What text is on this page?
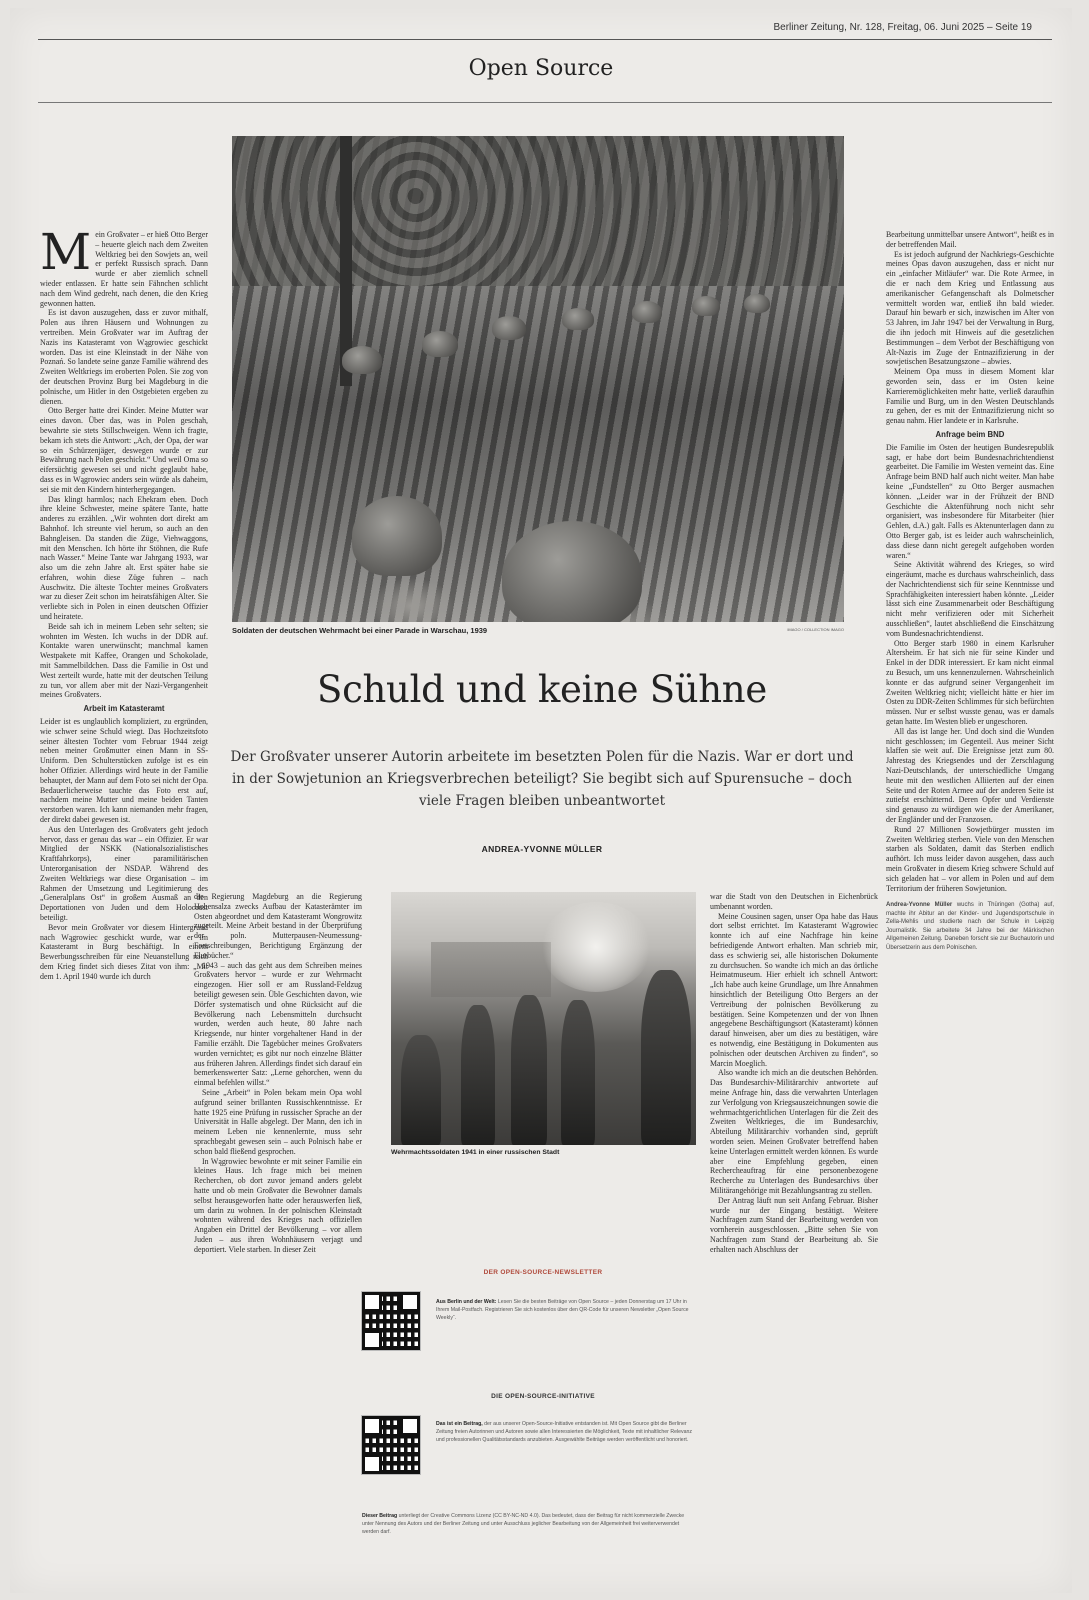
Berliner Zeitung, Nr. 128, Freitag, 06. Juni 2025 – Seite 19
Open Source
M ein Großvater – er hieß Otto Berger – heuerte gleich nach dem Zweiten Weltkrieg bei den Sowjets an, weil er perfekt Russisch sprach. Dann wurde er aber ziemlich schnell wieder entlassen. Er hatte sein Fähnchen schlicht nach dem Wind gedreht, nach denen, die den Krieg gewonnen hatten.

Es ist davon auszugehen, dass er zuvor mithalf, Polen aus ihren Häusern und Wohnungen zu vertreiben. Mein Großvater war im Auftrag der Nazis ins Katasteramt von Wągrowiec geschickt worden. Das ist eine Kleinstadt in der Nähe von Poznań. So landete seine ganze Familie während des Zweiten Weltkriegs im eroberten Polen. Sie zog von der deutschen Provinz Burg bei Magdeburg in die polnische, um Hitler in den Ostgebieten ergeben zu dienen.

Otto Berger hatte drei Kinder. Meine Mutter war eines davon. Über das, was in Polen geschah, bewahrte sie stets Stillschweigen. Wenn ich fragte, bekam ich stets die Antwort: „Ach, der Opa, der war so ein Schürzenjäger, deswegen wurde er zur Bewährung nach Polen geschickt.“ Und weil Oma so eifersüchtig gewesen sei und nicht geglaubt habe, dass es in Wągrowiec anders sein würde als daheim, sei sie mit den Kindern hinterhergegangen.

Das klingt harmlos; nach Ehekram eben. Doch ihre kleine Schwester, meine spätere Tante, hatte anderes zu erzählen. „Wir wohnten dort direkt am Bahnhof. Ich streunte viel herum, so auch an den Bahngleisen. Da standen die Züge, Viehwaggons, mit den Menschen. Ich hörte ihr Stöhnen, die Rufe nach Wasser.“ Meine Tante war Jahrgang 1933, war also um die zehn Jahre alt. Erst später habe sie erfahren, wohin diese Züge fuhren – nach Auschwitz. Die älteste Tochter meines Großvaters war zu dieser Zeit schon im heiratsfähigen Alter. Sie verliebte sich in Polen in einen deutschen Offizier und heiratete.

Beide sah ich in meinem Leben sehr selten; sie wohnten im Westen. Ich wuchs in der DDR auf. Kontakte waren unerwünscht; manchmal kamen Westpakete mit Kaffee, Orangen und Schokolade, mit Sammelbildchen. Dass die Familie in Ost und West zerteilt wurde, hatte mit der deutschen Teilung zu tun, vor allem aber mit der Nazi-Vergangenheit meines Großvaters.

Arbeit im Katasteramt

Leider ist es unglaublich kompliziert, zu ergründen, wie schwer seine Schuld wiegt. Das Hochzeitsfoto seiner ältesten Tochter vom Februar 1944 zeigt neben meiner Großmutter einen Mann in SS-Uniform. Den Schulterstücken zufolge ist es ein hoher Offizier. Allerdings wird heute in der Familie behauptet, der Mann auf dem Foto sei nicht der Opa. Bedauerlicherweise tauchte das Foto erst auf, nachdem meine Mutter und meine beiden Tanten verstorben waren. Ich kann niemanden mehr fragen, der direkt dabei gewesen ist.

Aus den Unterlagen des Großvaters geht jedoch hervor, dass er genau das war – ein Offizier. Er war Mitglied der NSKK (Nationalsozialistisches Kraftfahrkorps), einer paramilitärischen Unterorganisation der NSDAP. Während des Zweiten Weltkriegs war diese Organisation – im Rahmen der Umsetzung und Legitimierung des „Generalplans Ost“ in großem Ausmaß an den Deportationen von Juden und dem Holocaust beteiligt.

Bevor mein Großvater vor diesem Hintergrund nach Wągrowiec geschickt wurde, war er im Katasteramt in Burg beschäftigt. In einem Bewerbungsschreiben für eine Neuanstellung nach dem Krieg findet sich dieses Zitat von ihm: „Mit dem 1. April 1940 wurde ich durch

Soldaten der deutschen Wehrmacht bei einer Parade in Warschau, 1939	IMAGO / COLLECTION IMAGO
Schuld und keine Sühne
Der Großvater unserer Autorin arbeitete im besetzten Polen für die Nazis. War er dort und in der Sowjetunion an Kriegsverbrechen beteiligt? Sie begibt sich auf Spurensuche – doch viele Fragen bleiben unbeantwortet
ANDREA-YVONNE MÜLLER

die Regierung Magdeburg an die Regierung Hohensalza zwecks Aufbau der Katasterämter im Osten abgeordnet und dem Katasteramt Wongrowitz zugeteilt. Meine Arbeit bestand in der Überprüfung der poln. Mutterpausen-Neumessung-Fortschreibungen, Berichtigung Ergänzung der Flurbücher.“

1943 – auch das geht aus dem Schreiben meines Großvaters hervor – wurde er zur Wehrmacht eingezogen. Hier soll er am Russland-Feldzug beteiligt gewesen sein. Üble Geschichten davon, wie Dörfer systematisch und ohne Rücksicht auf die Bevölkerung nach Lebensmitteln durchsucht wurden, werden auch heute, 80 Jahre nach Kriegsende, nur hinter vorgehaltener Hand in der Familie erzählt. Die Tagebücher meines Großvaters wurden vernichtet; es gibt nur noch einzelne Blätter aus früheren Jahren. Allerdings findet sich darauf ein bemerkenswerter Satz: „Lerne gehorchen, wenn du einmal befehlen willst.“

Seine „Arbeit“ in Polen bekam mein Opa wohl aufgrund seiner brillanten Russischkenntnisse. Er hatte 1925 eine Prüfung in russischer Sprache an der Universität in Halle abgelegt. Der Mann, den ich in meinem Leben nie kennenlernte, muss sehr sprachbegabt gewesen sein – auch Polnisch habe er schon bald fließend gesprochen.

In Wągrowiec bewohnte er mit seiner Familie ein kleines Haus. Ich frage mich bei meinen Recherchen, ob dort zuvor jemand anders gelebt hatte und ob mein Großvater die Bewohner damals selbst herausgeworfen hatte oder herauswerfen ließ, um darin zu wohnen. In der polnischen Kleinstadt wohnten während des Krieges nach offiziellen Angaben ein Drittel der Bevölkerung – vor allem Juden – aus ihren Wohnhäusern verjagt und deportiert. Viele starben. In dieser Zeit

Wehrmachtssoldaten 1941 in einer russischen Stadt
DER OPEN-SOURCE-NEWSLETTER
Aus Berlin und der Welt: Lesen Sie die besten Beiträge von Open Source – jeden Donnerstag um 17 Uhr in Ihrem Mail-Postfach. Registrieren Sie sich kostenlos über den QR-Code für unseren Newsletter „Open Source Weekly“.
DIE OPEN-SOURCE-INITIATIVE
Das ist ein Beitrag, der aus unserer Open-Source-Initiative entstanden ist. Mit Open Source gibt die Berliner Zeitung freien Autorinnen und Autoren sowie allen Interessierten die Möglichkeit, Texte mit inhaltlicher Relevanz und professionellen Qualitätsstandards anzubieten. Ausgewählte Beiträge werden veröffentlicht und honoriert.
Dieser Beitrag unterliegt der Creative Commons Lizenz (CC BY-NC-ND 4.0). Das bedeutet, dass der Beitrag für nicht kommerzielle Zwecke unter Nennung des Autors und der Berliner Zeitung und unter Ausschluss jeglicher Bearbeitung von der Allgemeinheit frei weiterverwendet werden darf.

war die Stadt von den Deutschen in Eichenbrück umbenannt worden.

Meine Cousinen sagen, unser Opa habe das Haus dort selbst errichtet. Im Katasteramt Wągrowiec konnte ich auf eine Nachfrage hin keine befriedigende Antwort erhalten. Man schrieb mir, dass es schwierig sei, alle historischen Dokumente zu durchsuchen. So wandte ich mich an das örtliche Heimatmuseum. Hier erhielt ich schnell Antwort: „Ich habe auch keine Grundlage, um Ihre Annahmen hinsichtlich der Beteiligung Otto Bergers an der Vertreibung der polnischen Bevölkerung zu bestätigen. Seine Kompetenzen und der von Ihnen angegebene Beschäftigungsort (Katasteramt) können darauf hinweisen, aber um dies zu bestätigen, wäre es notwendig, eine Bestätigung in Dokumenten aus polnischen oder deutschen Archiven zu finden“, so Marcin Moeglich.

Also wandte ich mich an die deutschen Behörden. Das Bundesarchiv-Militärarchiv antwortete auf meine Anfrage hin, dass die verwahrten Unterlagen zur Verfolgung von Kriegsauszeichnungen sowie die wehrmachtgerichtlichen Unterlagen für die Zeit des Zweiten Weltkrieges, die im Bundesarchiv, Abteilung Militärarchiv vorhanden sind, geprüft worden seien. Meinen Großvater betreffend haben keine Unterlagen ermittelt werden können. Es wurde aber eine Empfehlung gegeben, einen Rechercheauftrag für eine personenbezogene Recherche zu Unterlagen des Bundesarchivs über Militärangehörige mit Bezahlungsantrag zu stellen.

Der Antrag läuft nun seit Anfang Februar. Bisher wurde nur der Eingang bestätigt. Weitere Nachfragen zum Stand der Bearbeitung werden von vornherein ausgeschlossen. „Bitte sehen Sie von Nachfragen zum Stand der Bearbeitung ab. Sie erhalten nach Abschluss der

Bearbeitung unmittelbar unsere Antwort“, heißt es in der betreffenden Mail.

Es ist jedoch aufgrund der Nachkriegs-Geschichte meines Opas davon auszugehen, dass er nicht nur ein „einfacher Mitläufer“ war. Die Rote Armee, in die er nach dem Krieg und Entlassung aus amerikanischer Gefangenschaft als Dolmetscher vermittelt worden war, entließ ihn bald wieder. Darauf hin bewarb er sich, inzwischen im Alter von 53 Jahren, im Jahr 1947 bei der Verwaltung in Burg, die ihn jedoch mit Hinweis auf die gesetzlichen Bestimmungen – dem Verbot der Beschäftigung von Alt-Nazis im Zuge der Entnazifizierung in der sowjetischen Besatzungszone – abwies.

Meinem Opa muss in diesem Moment klar geworden sein, dass er im Osten keine Karrieremöglichkeiten mehr hatte, verließ daraufhin Familie und Burg, um in den Westen Deutschlands zu gehen, der es mit der Entnazifizierung nicht so genau nahm. Hier landete er in Karlsruhe.

Anfrage beim BND

Die Familie im Osten der heutigen Bundesrepublik sagt, er habe dort beim Bundesnachrichtendienst gearbeitet. Die Familie im Westen verneint das. Eine Anfrage beim BND half auch nicht weiter. Man habe keine „Fundstellen“ zu Otto Berger ausmachen können. „Leider war in der Frühzeit der BND Geschichte die Aktenführung noch nicht sehr organisiert, was insbesondere für Mitarbeiter (hier Gehlen, d.A.) galt. Falls es Aktenunterlagen dann zu Otto Berger gab, ist es leider auch wahrscheinlich, dass diese dann nicht geregelt aufgehoben worden waren.“

Seine Aktivität während des Krieges, so wird eingeräumt, mache es durchaus wahrscheinlich, dass der Nachrichtendienst sich für seine Kenntnisse und Sprachfähigkeiten interessiert haben könnte. „Leider lässt sich eine Zusammenarbeit oder Beschäftigung nicht mehr verifizieren oder mit Sicherheit ausschließen“, lautet abschließend die Einschätzung vom Bundesnachrichtendienst.

Otto Berger starb 1980 in einem Karlsruher Altersheim. Er hat sich nie für seine Kinder und Enkel in der DDR interessiert. Er kam nicht einmal zu Besuch, um uns kennenzulernen. Wahrscheinlich konnte er das aufgrund seiner Vergangenheit im Zweiten Weltkrieg nicht; vielleicht hätte er hier im Osten zu DDR-Zeiten Schlimmes für sich befürchten müssen. Nur er selbst wusste genau, was er damals getan hatte. Im Westen blieb er ungeschoren.

All das ist lange her. Und doch sind die Wunden nicht geschlossen; im Gegenteil. Aus meiner Sicht klaffen sie weit auf. Die Ereignisse jetzt zum 80. Jahrestag des Kriegsendes und der Zerschlagung Nazi-Deutschlands, der unterschiedliche Umgang heute mit den westlichen Alliierten auf der einen Seite und der Roten Armee auf der anderen Seite ist zutiefst erschütternd. Deren Opfer und Verdienste sind genauso zu würdigen wie die der Amerikaner, der Engländer und der Franzosen.

Rund 27 Millionen Sowjetbürger mussten im Zweiten Weltkrieg sterben. Viele von den Menschen starben als Soldaten, damit das Sterben endlich aufhört. Ich muss leider davon ausgehen, dass auch mein Großvater in diesem Krieg schwere Schuld auf sich geladen hat – vor allem in Polen und auf dem Territorium der früheren Sowjetunion.

Andrea-Yvonne Müller wuchs in Thüringen (Gotha) auf, machte ihr Abitur an der Kinder- und Jugendsportschule in Zella-Mehlis und studierte nach der Schule in Leipzig Journalistik. Sie arbeitete 34 Jahre bei der Märkischen Allgemeinen Zeitung. Daneben forscht sie zur Buchautorin und Übersetzerin aus dem Polnischen.
